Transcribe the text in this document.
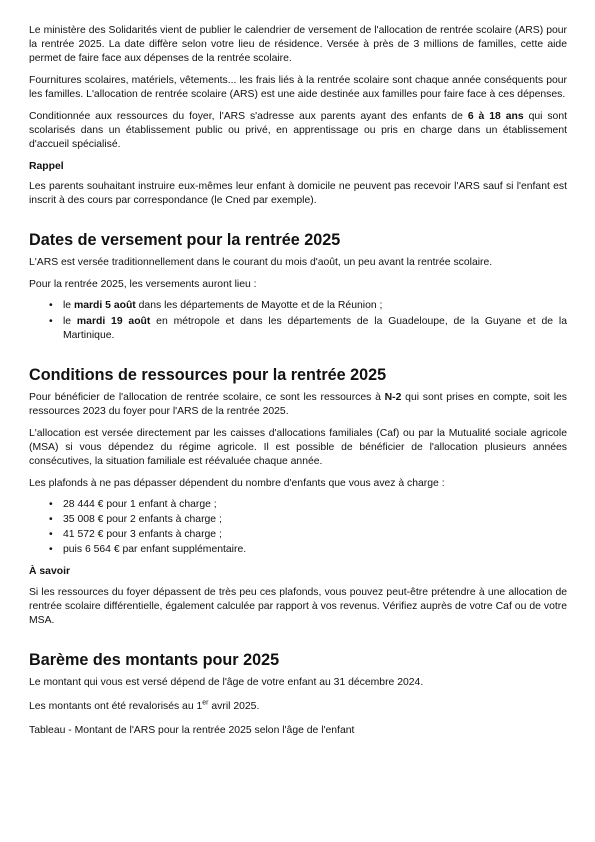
Le ministère des Solidarités vient de publier le calendrier de versement de l'allocation de rentrée scolaire (ARS) pour la rentrée 2025. La date diffère selon votre lieu de résidence. Versée à près de 3 millions de familles, cette aide permet de faire face aux dépenses de la rentrée scolaire.

Fournitures scolaires, matériels, vêtements... les frais liés à la rentrée scolaire sont chaque année conséquents pour les familles. L'allocation de rentrée scolaire (ARS) est une aide destinée aux familles pour faire face à ces dépenses.

Conditionnée aux ressources du foyer, l'ARS s'adresse aux parents ayant des enfants de 6 à 18 ans qui sont scolarisés dans un établissement public ou privé, en apprentissage ou pris en charge dans un établissement d'accueil spécialisé.

Rappel

Les parents souhaitant instruire eux-mêmes leur enfant à domicile ne peuvent pas recevoir l'ARS sauf si l'enfant est inscrit à des cours par correspondance (le Cned par exemple).

Dates de versement pour la rentrée 2025

L'ARS est versée traditionnellement dans le courant du mois d'août, un peu avant la rentrée scolaire.

Pour la rentrée 2025, les versements auront lieu :

• le mardi 5 août dans les départements de Mayotte et de la Réunion ;
• le mardi 19 août en métropole et dans les départements de la Guadeloupe, de la Guyane et de la Martinique.
Conditions de ressources pour la rentrée 2025

Pour bénéficier de l'allocation de rentrée scolaire, ce sont les ressources à N-2 qui sont prises en compte, soit les ressources 2023 du foyer pour l'ARS de la rentrée 2025.

L'allocation est versée directement par les caisses d'allocations familiales (Caf) ou par la Mutualité sociale agricole (MSA) si vous dépendez du régime agricole. Il est possible de bénéficier de l'allocation plusieurs années consécutives, la situation familiale est réévaluée chaque année.

Les plafonds à ne pas dépasser dépendent du nombre d'enfants que vous avez à charge :

• 28 444 € pour 1 enfant à charge ;
• 35 008 € pour 2 enfants à charge ;
• 41 572 € pour 3 enfants à charge ;
• puis 6 564 € par enfant supplémentaire.
À savoir

Si les ressources du foyer dépassent de très peu ces plafonds, vous pouvez peut-être prétendre à une allocation de rentrée scolaire différentielle, également calculée par rapport à vos revenus. Vérifiez auprès de votre Caf ou de votre MSA.

Barème des montants pour 2025

Le montant qui vous est versé dépend de l'âge de votre enfant au 31 décembre 2024.

Les montants ont été revalorisés au 1er avril 2025.

Tableau - Montant de l'ARS pour la rentrée 2025 selon l'âge de l'enfant
